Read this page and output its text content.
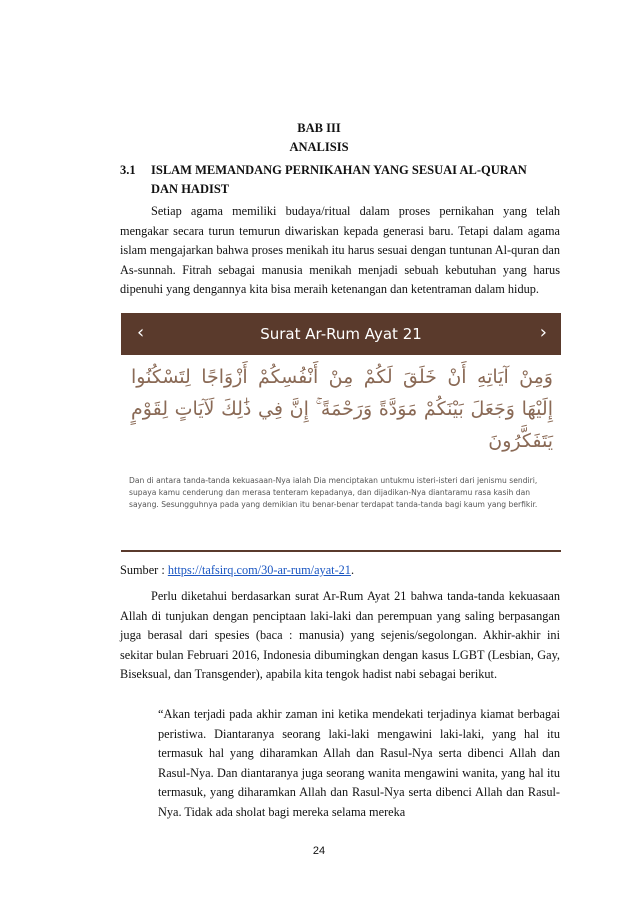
BAB III
ANALISIS
3.1 ISLAM MEMANDANG PERNIKAHAN YANG SESUAI AL-QURAN DAN HADIST
Setiap agama memiliki budaya/ritual dalam proses pernikahan yang telah mengakar secara turun temurun diwariskan kepada generasi baru. Tetapi dalam agama islam mengajarkan bahwa proses menikah itu harus sesuai dengan tuntunan Al-quran dan As-sunnah. Fitrah sebagai manusia menikah menjadi sebuah kebutuhan yang harus dipenuhi yang dengannya kita bisa meraih ketenangan dan ketentraman dalam hidup.
‹	Surat Ar-Rum Ayat 21	›
وَمِنْ آيَاتِهِ أَنْ خَلَقَ لَكُمْ مِنْ أَنْفُسِكُمْ أَزْوَاجًا لِتَسْكُنُوا إِلَيْهَا وَجَعَلَ بَيْنَكُمْ مَوَدَّةً وَرَحْمَةً ۚ إِنَّ فِي ذَٰلِكَ لَآيَاتٍ لِقَوْمٍ يَتَفَكَّرُونَ
Dan di antara tanda-tanda kekuasaan-Nya ialah Dia menciptakan untukmu isteri-isteri dari jenismu sendiri, supaya kamu cenderung dan merasa tenteram kepadanya, dan dijadikan-Nya diantaramu rasa kasih dan sayang. Sesungguhnya pada yang demikian itu benar-benar terdapat tanda-tanda bagi kaum yang berfikir.
Sumber : https://tafsirq.com/30-ar-rum/ayat-21.
Perlu diketahui berdasarkan surat Ar-Rum Ayat 21 bahwa tanda-tanda kekuasaan Allah di tunjukan dengan penciptaan laki-laki dan perempuan yang saling berpasangan juga berasal dari spesies (baca : manusia) yang sejenis/segolongan. Akhir-akhir ini sekitar bulan Februari 2016, Indonesia dibumingkan dengan kasus LGBT (Lesbian, Gay, Biseksual, dan Transgender), apabila kita tengok hadist nabi sebagai berikut.
“Akan terjadi pada akhir zaman ini ketika mendekati terjadinya kiamat berbagai peristiwa. Diantaranya seorang laki-laki mengawini laki-laki, yang hal itu termasuk hal yang diharamkan Allah dan Rasul-Nya serta dibenci Allah dan Rasul-Nya. Dan diantaranya juga seorang wanita mengawini wanita, yang hal itu termasuk, yang diharamkan Allah dan Rasul-Nya serta dibenci Allah dan Rasul-Nya. Tidak ada sholat bagi mereka selama mereka
24
